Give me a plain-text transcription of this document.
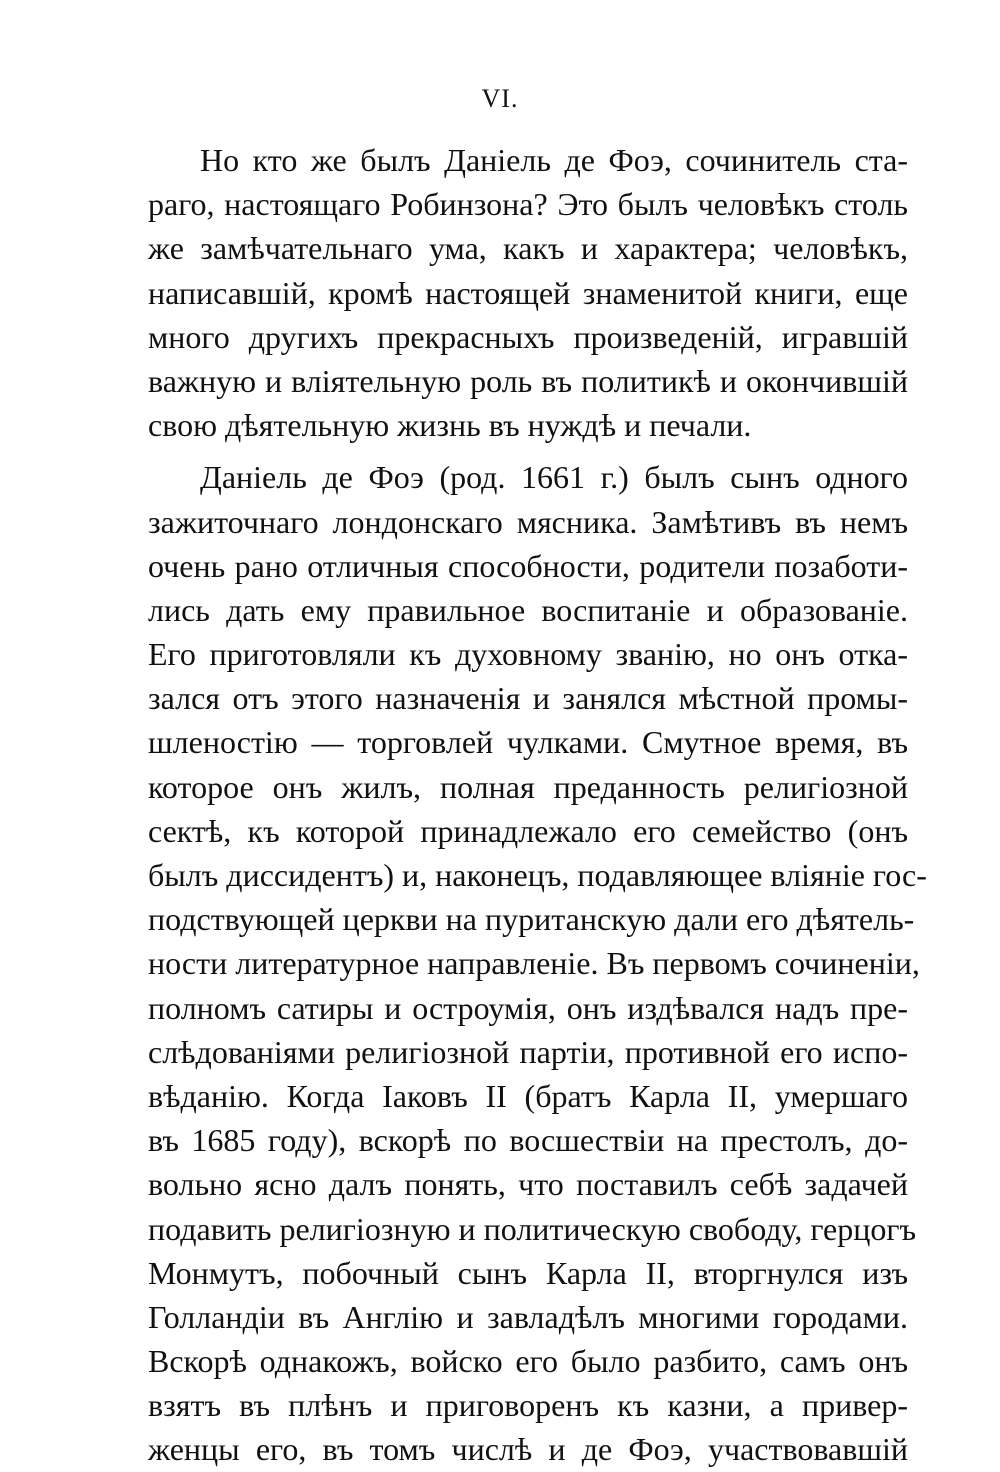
VI.
Но кто же былъ Даніель де Фоэ, сочинитель ста-
раго, настоящаго Робинзона? Это былъ человѣкъ столь
же замѣчательнаго ума, какъ и характера; человѣкъ,
написавшій, кромѣ настоящей знаменитой книги, еще
много другихъ прекрасныхъ произведеній, игравшій
важную и вліятельную роль въ политикѣ и окончившій
свою дѣятельную жизнь въ нуждѣ и печали.
Даніель де Фоэ (род. 1661 г.) былъ сынъ одного
зажиточнаго лондонскаго мясника. Замѣтивъ въ немъ
очень рано отличныя способности, родители позаботи-
лись дать ему правильное воспитаніе и образованіе.
Его приготовляли къ духовному званію, но онъ отка-
зался отъ этого назначенія и занялся мѣстной промы-
шленостію — торговлей чулками. Смутное время, въ
которое онъ жилъ, полная преданность религіозной
сектѣ, къ которой принадлежало его семейство (онъ
былъ диссидентъ) и, наконецъ, подавляющее вліяніе гос-
подствующей церкви на пуританскую дали его дѣятель-
ности литературное направленіе. Въ первомъ сочиненіи,
полномъ сатиры и остроумія, онъ издѣвался надъ пре-
слѣдованіями религіозной партіи, противной его испо-
вѣданію. Когда Іаковъ II (братъ Карла II, умершаго
въ 1685 году), вскорѣ по восшествіи на престолъ, до-
вольно ясно далъ понять, что поставилъ себѣ задачей
подавить религіозную и политическую свободу, герцогъ
Монмутъ, побочный сынъ Карла II, вторгнулся изъ
Голландіи въ Англію и завладѣлъ многими городами.
Вскорѣ однакожъ, войско его было разбито, самъ онъ
взятъ въ плѣнъ и приговоренъ къ казни, а привер-
женцы его, въ томъ числѣ и де Фоэ, участвовавшій
